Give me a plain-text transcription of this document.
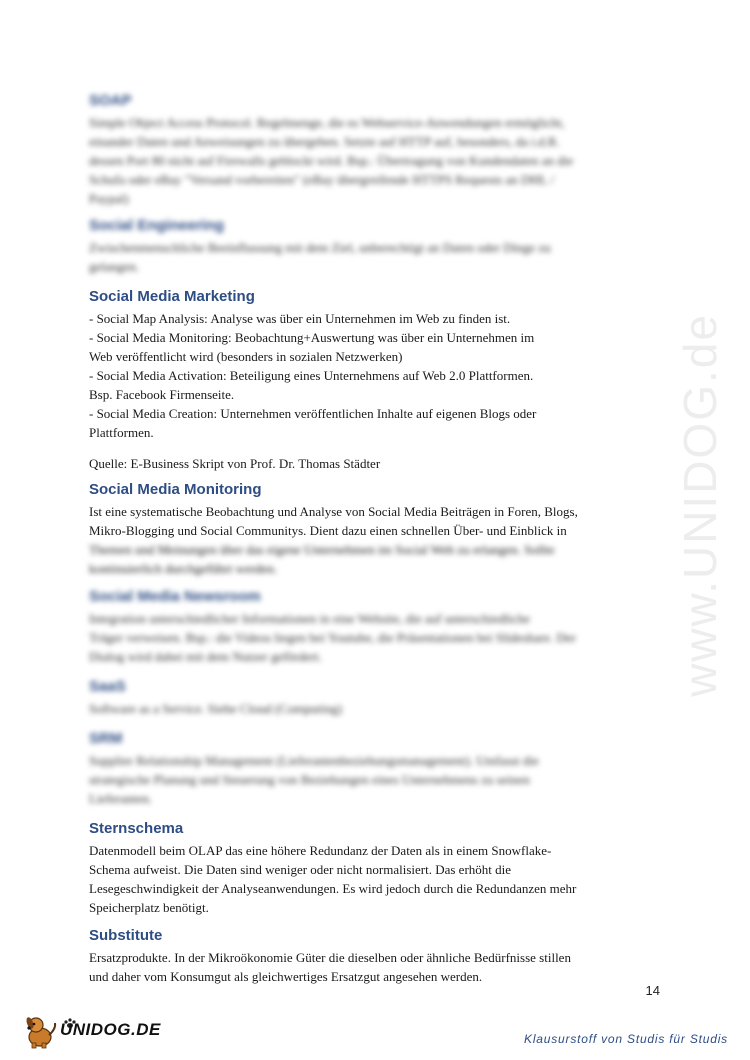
www.UNIDOG.de
SOAP

Simple Object Access Protocol. Regelmenge, die es Webservice-Anwendungen ermöglicht,
einander Daten und Anweisungen zu übergeben. Setzte auf HTTP auf, besonders, da i.d.R.
dessen Port 80 nicht auf Firewalls geblockt wird. Bsp.: Übertragung von Kundendaten an die
Schufa oder eBay "Versand vorbereiten" (eBay übergreifende HTTPS Requests an DHL /
Paypal)

Social Engineering

Zwischenmenschliche Beeinflussung mit dem Ziel, unberechtigt an Daten oder Dinge zu
gelangen.

Social Media Marketing

- Social Map Analysis: Analyse was über ein Unternehmen im Web zu finden ist.
- Social Media Monitoring: Beobachtung+Auswertung was über ein Unternehmen im
Web veröffentlicht wird (besonders in sozialen Netzwerken)
- Social Media Activation: Beteiligung eines Unternehmens auf Web 2.0 Plattformen.
Bsp. Facebook Firmenseite.
- Social Media Creation: Unternehmen veröffentlichen Inhalte auf eigenen Blogs oder
Plattformen.

Quelle: E-Business Skript von Prof. Dr. Thomas Städter

Social Media Monitoring

Ist eine systematische Beobachtung und Analyse von Social Media Beiträgen in Foren, Blogs,
Mikro-Blogging und Social Communitys. Dient dazu einen schnellen Über- und Einblick in

Themen und Meinungen über das eigene Unternehmen im Social Web zu erlangen. Sollte
kontinuierlich durchgeführt werden.

Social Media Newsroom

Integration unterschiedlicher Informationen in eine Website, die auf unterschiedliche
Träger verweisen. Bsp.: die Videos liegen bei Youtube, die Präsentationen bei Slideshare. Der
Dialog wird dabei mit dem Nutzer gefördert.

SaaS

Software as a Service. Siehe Cloud (Computing)

SRM

Supplier Relationship Management (Lieferantenbeziehungsmanagement). Umfasst die
strategische Planung und Steuerung von Beziehungen eines Unternehmens zu seinen
Lieferanten.

Sternschema

Datenmodell beim OLAP das eine höhere Redundanz der Daten als in einem Snowflake-
Schema aufweist. Die Daten sind weniger oder nicht normalisiert. Das erhöht die
Lesegeschwindigkeit der Analyseanwendungen. Es wird jedoch durch die Redundanzen mehr
Speicherplatz benötigt.

Substitute

Ersatzprodukte. In der Mikroökonomie Güter die dieselben oder ähnliche Bedürfnisse stillen
und daher vom Konsumgut als gleichwertiges Ersatzgut angesehen werden.

14
UNIDOG.DE	Klausurstoff von Studis für Studis
